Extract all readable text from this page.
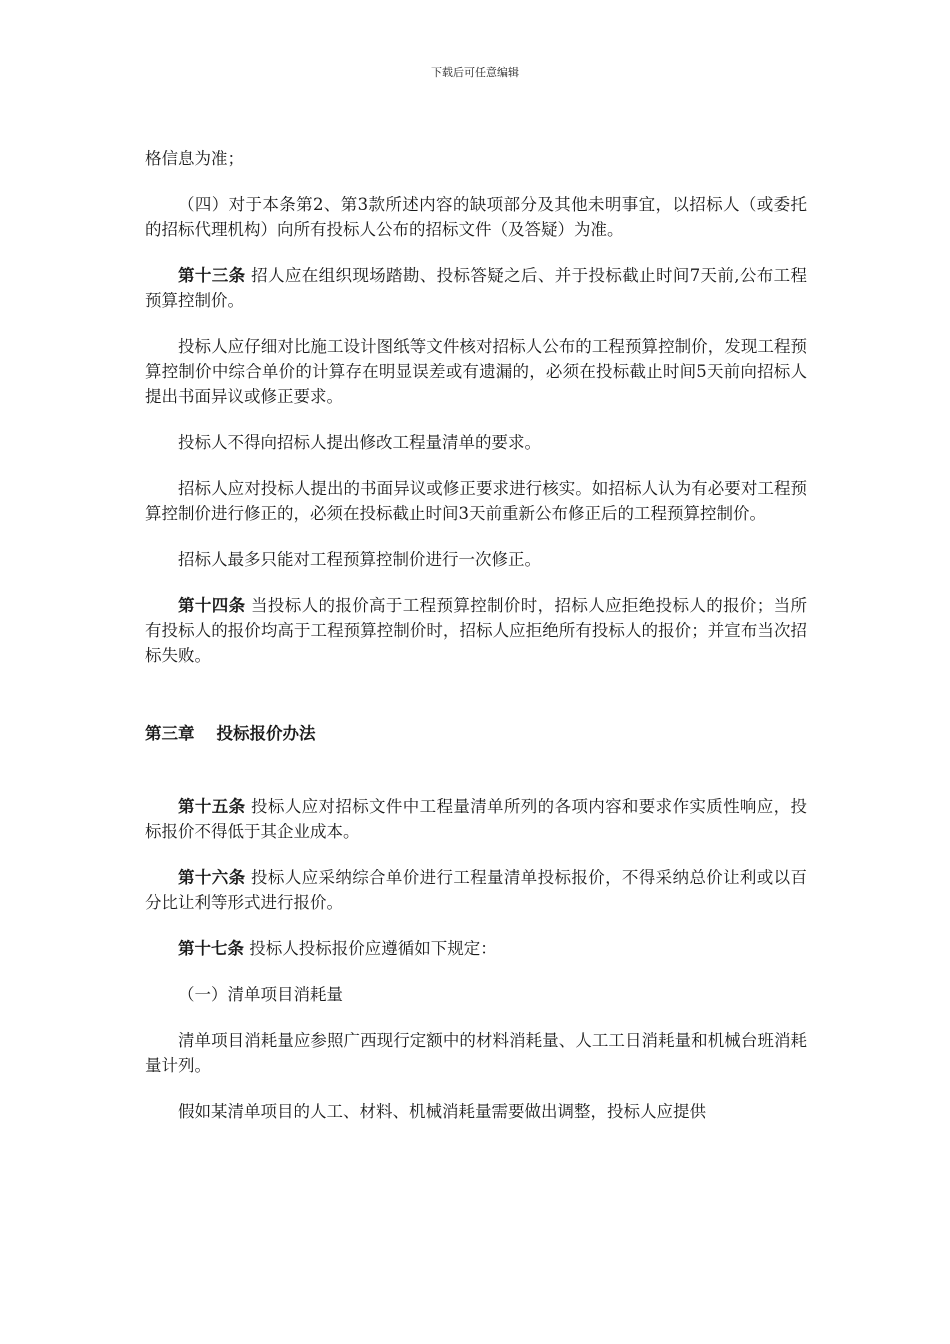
下载后可任意编辑

格信息为准；

（四）对于本条第2、第3款所述内容的缺项部分及其他未明事宜，以招标人（或委托的招标代理机构）向所有投标人公布的招标文件（及答疑）为准。

第十三条 招人应在组织现场踏勘、投标答疑之后、并于投标截止时间7天前,公布工程预算控制价。

投标人应仔细对比施工设计图纸等文件核对招标人公布的工程预算控制价，发现工程预算控制价中综合单价的计算存在明显误差或有遗漏的，必须在投标截止时间5天前向招标人提出书面异议或修正要求。

投标人不得向招标人提出修改工程量清单的要求。

招标人应对投标人提出的书面异议或修正要求进行核实。如招标人认为有必要对工程预算控制价进行修正的，必须在投标截止时间3天前重新公布修正后的工程预算控制价。

招标人最多只能对工程预算控制价进行一次修正。

第十四条 当投标人的报价高于工程预算控制价时，招标人应拒绝投标人的报价；当所有投标人的报价均高于工程预算控制价时，招标人应拒绝所有投标人的报价；并宣布当次招标失败。

第三章 投标报价办法

第十五条 投标人应对招标文件中工程量清单所列的各项内容和要求作实质性响应，投标报价不得低于其企业成本。

第十六条 投标人应采纳综合单价进行工程量清单投标报价，不得采纳总价让利或以百分比让利等形式进行报价。

第十七条 投标人投标报价应遵循如下规定：

（一）清单项目消耗量

清单项目消耗量应参照广西现行定额中的材料消耗量、人工工日消耗量和机械台班消耗量计列。

假如某清单项目的人工、材料、机械消耗量需要做出调整，投标人应提供
